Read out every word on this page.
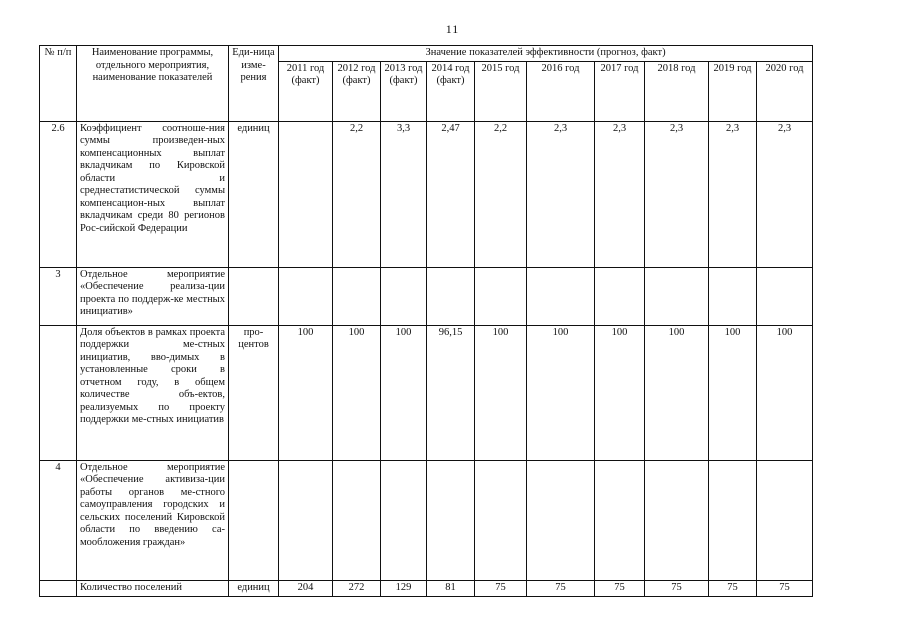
11
№ п/п	Наименование программы, отдельного мероприятия, наименование показателей	Еди-ница изме-рения	Значение показателей эффективности (прогноз, факт)									
			2011 год (факт)	2012 год (факт)	2013 год (факт)	2014 год (факт)	2015 год	2016 год	2017 год	2018 год	2019 год	2020 год
2.6	Коэффициент соотноше-ния суммы произведен-ных компенсационных выплат вкладчикам по Кировской области и среднестатистической суммы компенсацион-ных выплат вкладчикам среди 80 регионов Рос-сийской Федерации	единиц		2,2	3,3	2,47	2,2	2,3	2,3	2,3	2,3	2,3
3	Отдельное мероприятие «Обеспечение реализа-ции проекта по поддерж-ке местных инициатив»											
	Доля объектов в рамках проекта поддержки ме-стных инициатив, вво-димых в установленные сроки в отчетном году, в общем количестве объ-ектов, реализуемых по проекту поддержки ме-стных инициатив	про-центов	100	100	100	96,15	100	100	100	100	100	100
4	Отдельное мероприятие «Обеспечение активиза-ции работы органов ме-стного самоуправления городских и сельских поселений Кировской области по введению са-мообложения граждан»											
	Количество поселений	единиц	204	272	129	81	75	75	75	75	75	75
